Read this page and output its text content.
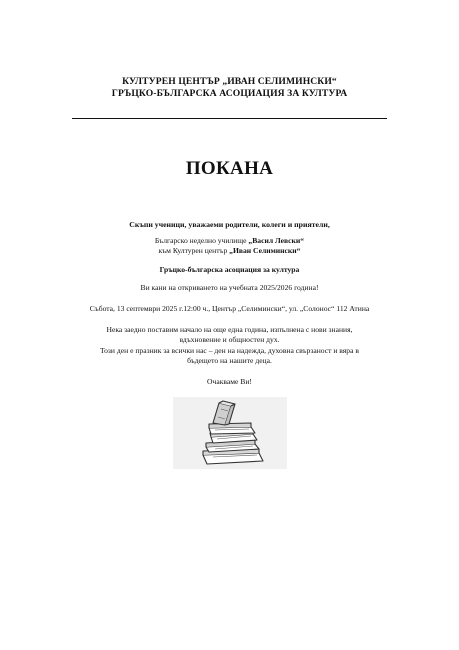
КУЛТУРЕН ЦЕНТЪР „ИВАН СЕЛИМИНСКИ“
ГРЪЦКО-БЪЛГАРСКА АСОЦИАЦИЯ ЗА КУЛТУРА
ПОКАНА
Скъпи ученици, уважаеми родители, колеги и приятели,
Българско неделно училище „Васил Левски“
към Културен център „Иван Селимински“
Гръцко-българска асоциация за култура
Ви кани на откриването на учебната 2025/2026 година!
Събота, 13 септември 2025 г.12:00 ч., Център „Селимински“, ул. „Солонос“ 112 Атина
Нека заедно поставим начало на още една година, изпълнена с нови знания,
вдъхновение и общностен дух.
Този ден е празник за всички нас – ден на надежда, духовна свързаност и вяра в
бъдещето на нашите деца.
Очакваме Ви!
